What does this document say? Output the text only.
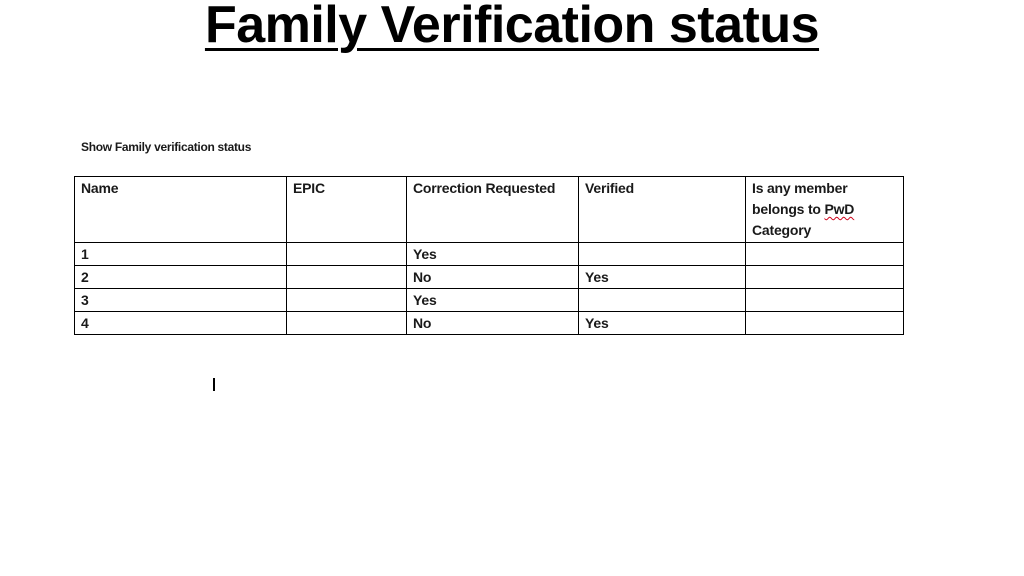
Family Verification status
Show Family verification status
Name	EPIC	Correction Requested	Verified	Is any member belongs to PwD Category
1		Yes		
2		No	Yes	
3		Yes		
4		No	Yes	
